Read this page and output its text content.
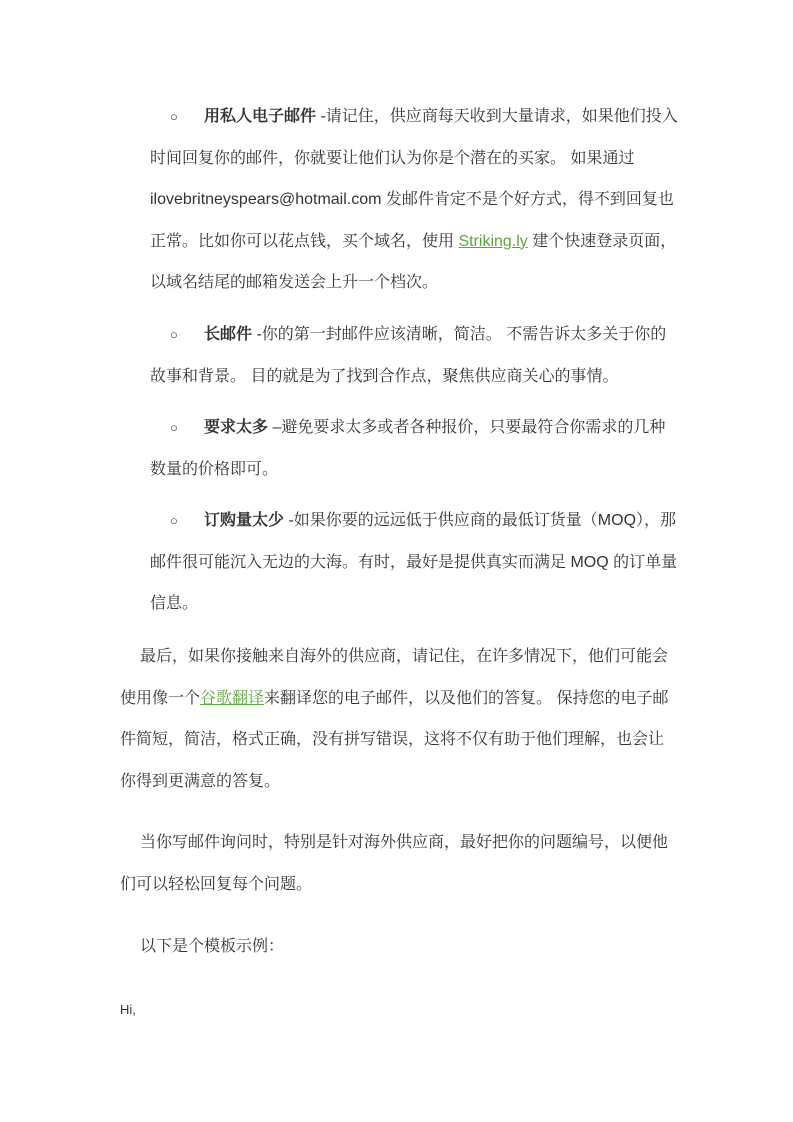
○ 用私人电子邮件 -请记住，供应商每天收到大量请求，如果他们投入时间回复你的邮件，你就要让他们认为你是个潜在的买家。 如果通过 ilovebritneyspears@hotmail.com 发邮件肯定不是个好方式，得不到回复也正常。比如你可以花点钱，买个域名，使用 Striking.ly 建个快速登录页面，以域名结尾的邮箱发送会上升一个档次。
○ 长邮件 -你的第一封邮件应该清晰，简洁。 不需告诉太多关于你的故事和背景。 目的就是为了找到合作点，聚焦供应商关心的事情。
○ 要求太多 –避免要求太多或者各种报价，只要最符合你需求的几种数量的价格即可。
○ 订购量太少 -如果你要的远远低于供应商的最低订货量（MOQ），那邮件很可能沉入无边的大海。有时，最好是提供真实而满足 MOQ 的订单量信息。
最后，如果你接触来自海外的供应商，请记住，在许多情况下，他们可能会使用像一个谷歌翻译来翻译您的电子邮件，以及他们的答复。 保持您的电子邮件简短，简洁，格式正确，没有拼写错误，这将不仅有助于他们理解，也会让你得到更满意的答复。
当你写邮件询问时，特别是针对海外供应商，最好把你的问题编号，以便他们可以轻松回复每个问题。
以下是个模板示例：
Hi,
